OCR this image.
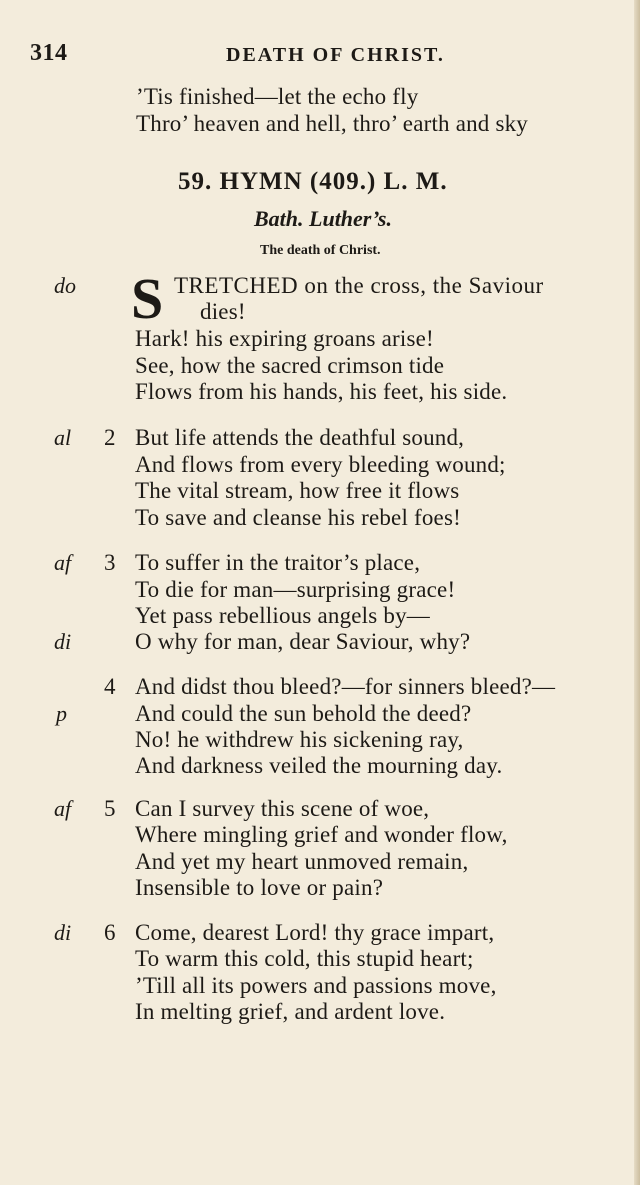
314	DEATH OF CHRIST.
’Tis finished—let the echo fly
Thro’ heaven and hell, thro’ earth and sky
59. HYMN (409.) L. M.
Bath. Luther’s.
The death of Christ.
do S TRETCHED on the cross, the Saviour
dies!
Hark! his expiring groans arise!
See, how the sacred crimson tide
Flows from his hands, his feet, his side.
al 2 But life attends the deathful sound,
And flows from every bleeding wound;
The vital stream, how free it flows
To save and cleanse his rebel foes!
af 3 To suffer in the traitor’s place,
To die for man—surprising grace!
Yet pass rebellious angels by—
di	O why for man, dear Saviour, why?
4 And didst thou bleed?—for sinners bleed?—
p	And could the sun behold the deed?
No! he withdrew his sickening ray,
And darkness veiled the mourning day.
af 5 Can I survey this scene of woe,
Where mingling grief and wonder flow,
And yet my heart unmoved remain,
Insensible to love or pain?
di 6 Come, dearest Lord! thy grace impart,
To warm this cold, this stupid heart;
’Till all its powers and passions move,
In melting grief, and ardent love.
